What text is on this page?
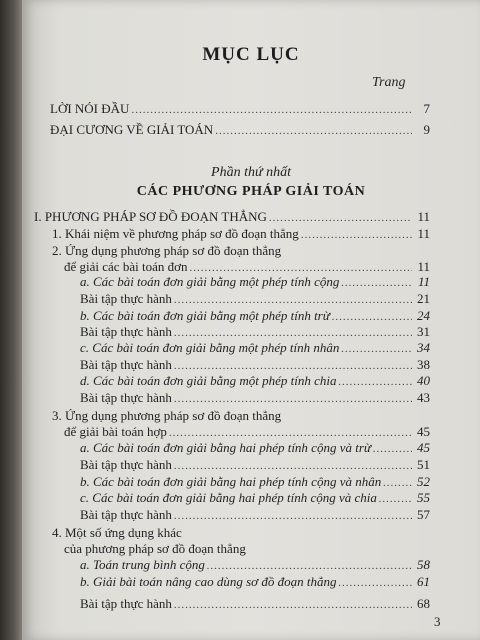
MỤC LỤC
Trang
LỜI NÓI ĐẦU .....	7
ĐẠI CƯƠNG VỀ GIẢI TOÁN .....	9
Phần thứ nhất
CÁC PHƯƠNG PHÁP GIẢI TOÁN
I. PHƯƠNG PHÁP SƠ ĐỒ ĐOẠN THẲNG .....	11
1. Khái niệm về phương pháp sơ đồ đoạn thẳng .....	11
2. Ứng dụng phương pháp sơ đồ đoạn thẳng
để giải các bài toán đơn .....	11
a. Các bài toán đơn giải bằng một phép tính cộng .....	11
Bài tập thực hành .....	21
b. Các bài toán đơn giải bằng một phép tính trừ .....	24
Bài tập thực hành .....	31
c. Các bài toán đơn giải bằng một phép tính nhân .....	34
Bài tập thực hành .....	38
d. Các bài toán đơn giải bằng một phép tính chia .....	40
Bài tập thực hành .....	43
3. Ứng dụng phương pháp sơ đồ đoạn thẳng
để giải bài toán hợp .....	45
a. Các bài toán đơn giải bằng hai phép tính cộng và trừ .....	45
Bài tập thực hành .....	51
b. Các bài toán đơn giải bằng hai phép tính cộng và nhân .....	52
c. Các bài toán đơn giải bằng hai phép tính cộng và chia .....	55
Bài tập thực hành .....	57
4. Một số ứng dụng khác
của phương pháp sơ đồ đoạn thẳng
a. Toán trung bình cộng .....	58
b. Giải bài toán nâng cao dùng sơ đồ đoạn thẳng .....	61
Bài tập thực hành .....	68
3
